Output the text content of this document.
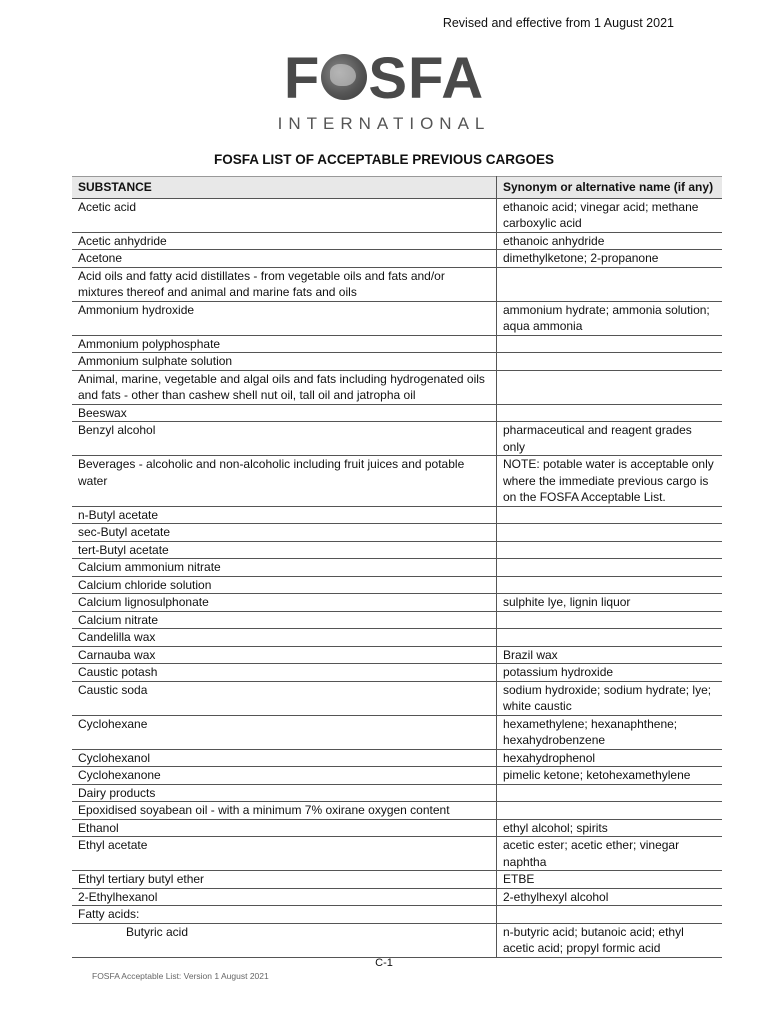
Revised and effective from 1 August 2021
F SFA
INTERNATIONAL
FOSFA LIST OF ACCEPTABLE PREVIOUS CARGOES
SUBSTANCE	Synonym or alternative name (if any)
Acetic acid	ethanoic acid; vinegar acid; methane carboxylic acid
Acetic anhydride	ethanoic anhydride
Acetone	dimethylketone; 2-propanone
Acid oils and fatty acid distillates - from vegetable oils and fats and/or mixtures thereof and animal and marine fats and oils	
Ammonium hydroxide	ammonium hydrate; ammonia solution; aqua ammonia
Ammonium polyphosphate	
Ammonium sulphate solution	
Animal, marine, vegetable and algal oils and fats including hydrogenated oils and fats - other than cashew shell nut oil, tall oil and jatropha oil	
Beeswax	
Benzyl alcohol	pharmaceutical and reagent grades only
Beverages - alcoholic and non-alcoholic including fruit juices and potable water	NOTE: potable water is acceptable only where the immediate previous cargo is on the FOSFA Acceptable List.
n-Butyl acetate	
sec-Butyl acetate	
tert-Butyl acetate	
Calcium ammonium nitrate	
Calcium chloride solution	
Calcium lignosulphonate	sulphite lye, lignin liquor
Calcium nitrate	
Candelilla wax	
Carnauba wax	Brazil wax
Caustic potash	potassium hydroxide
Caustic soda	sodium hydroxide; sodium hydrate; lye; white caustic
Cyclohexane	hexamethylene; hexanaphthene; hexahydrobenzene
Cyclohexanol	hexahydrophenol
Cyclohexanone	pimelic ketone; ketohexamethylene
Dairy products	
Epoxidised soyabean oil - with a minimum 7% oxirane oxygen content	
Ethanol	ethyl alcohol; spirits
Ethyl acetate	acetic ester; acetic ether; vinegar naphtha
Ethyl tertiary butyl ether	ETBE
2-Ethylhexanol	2-ethylhexyl alcohol
Fatty acids:	
Butyric acid	n-butyric acid; butanoic acid; ethyl acetic acid; propyl formic acid
C-1
FOSFA Acceptable List: Version 1 August 2021
